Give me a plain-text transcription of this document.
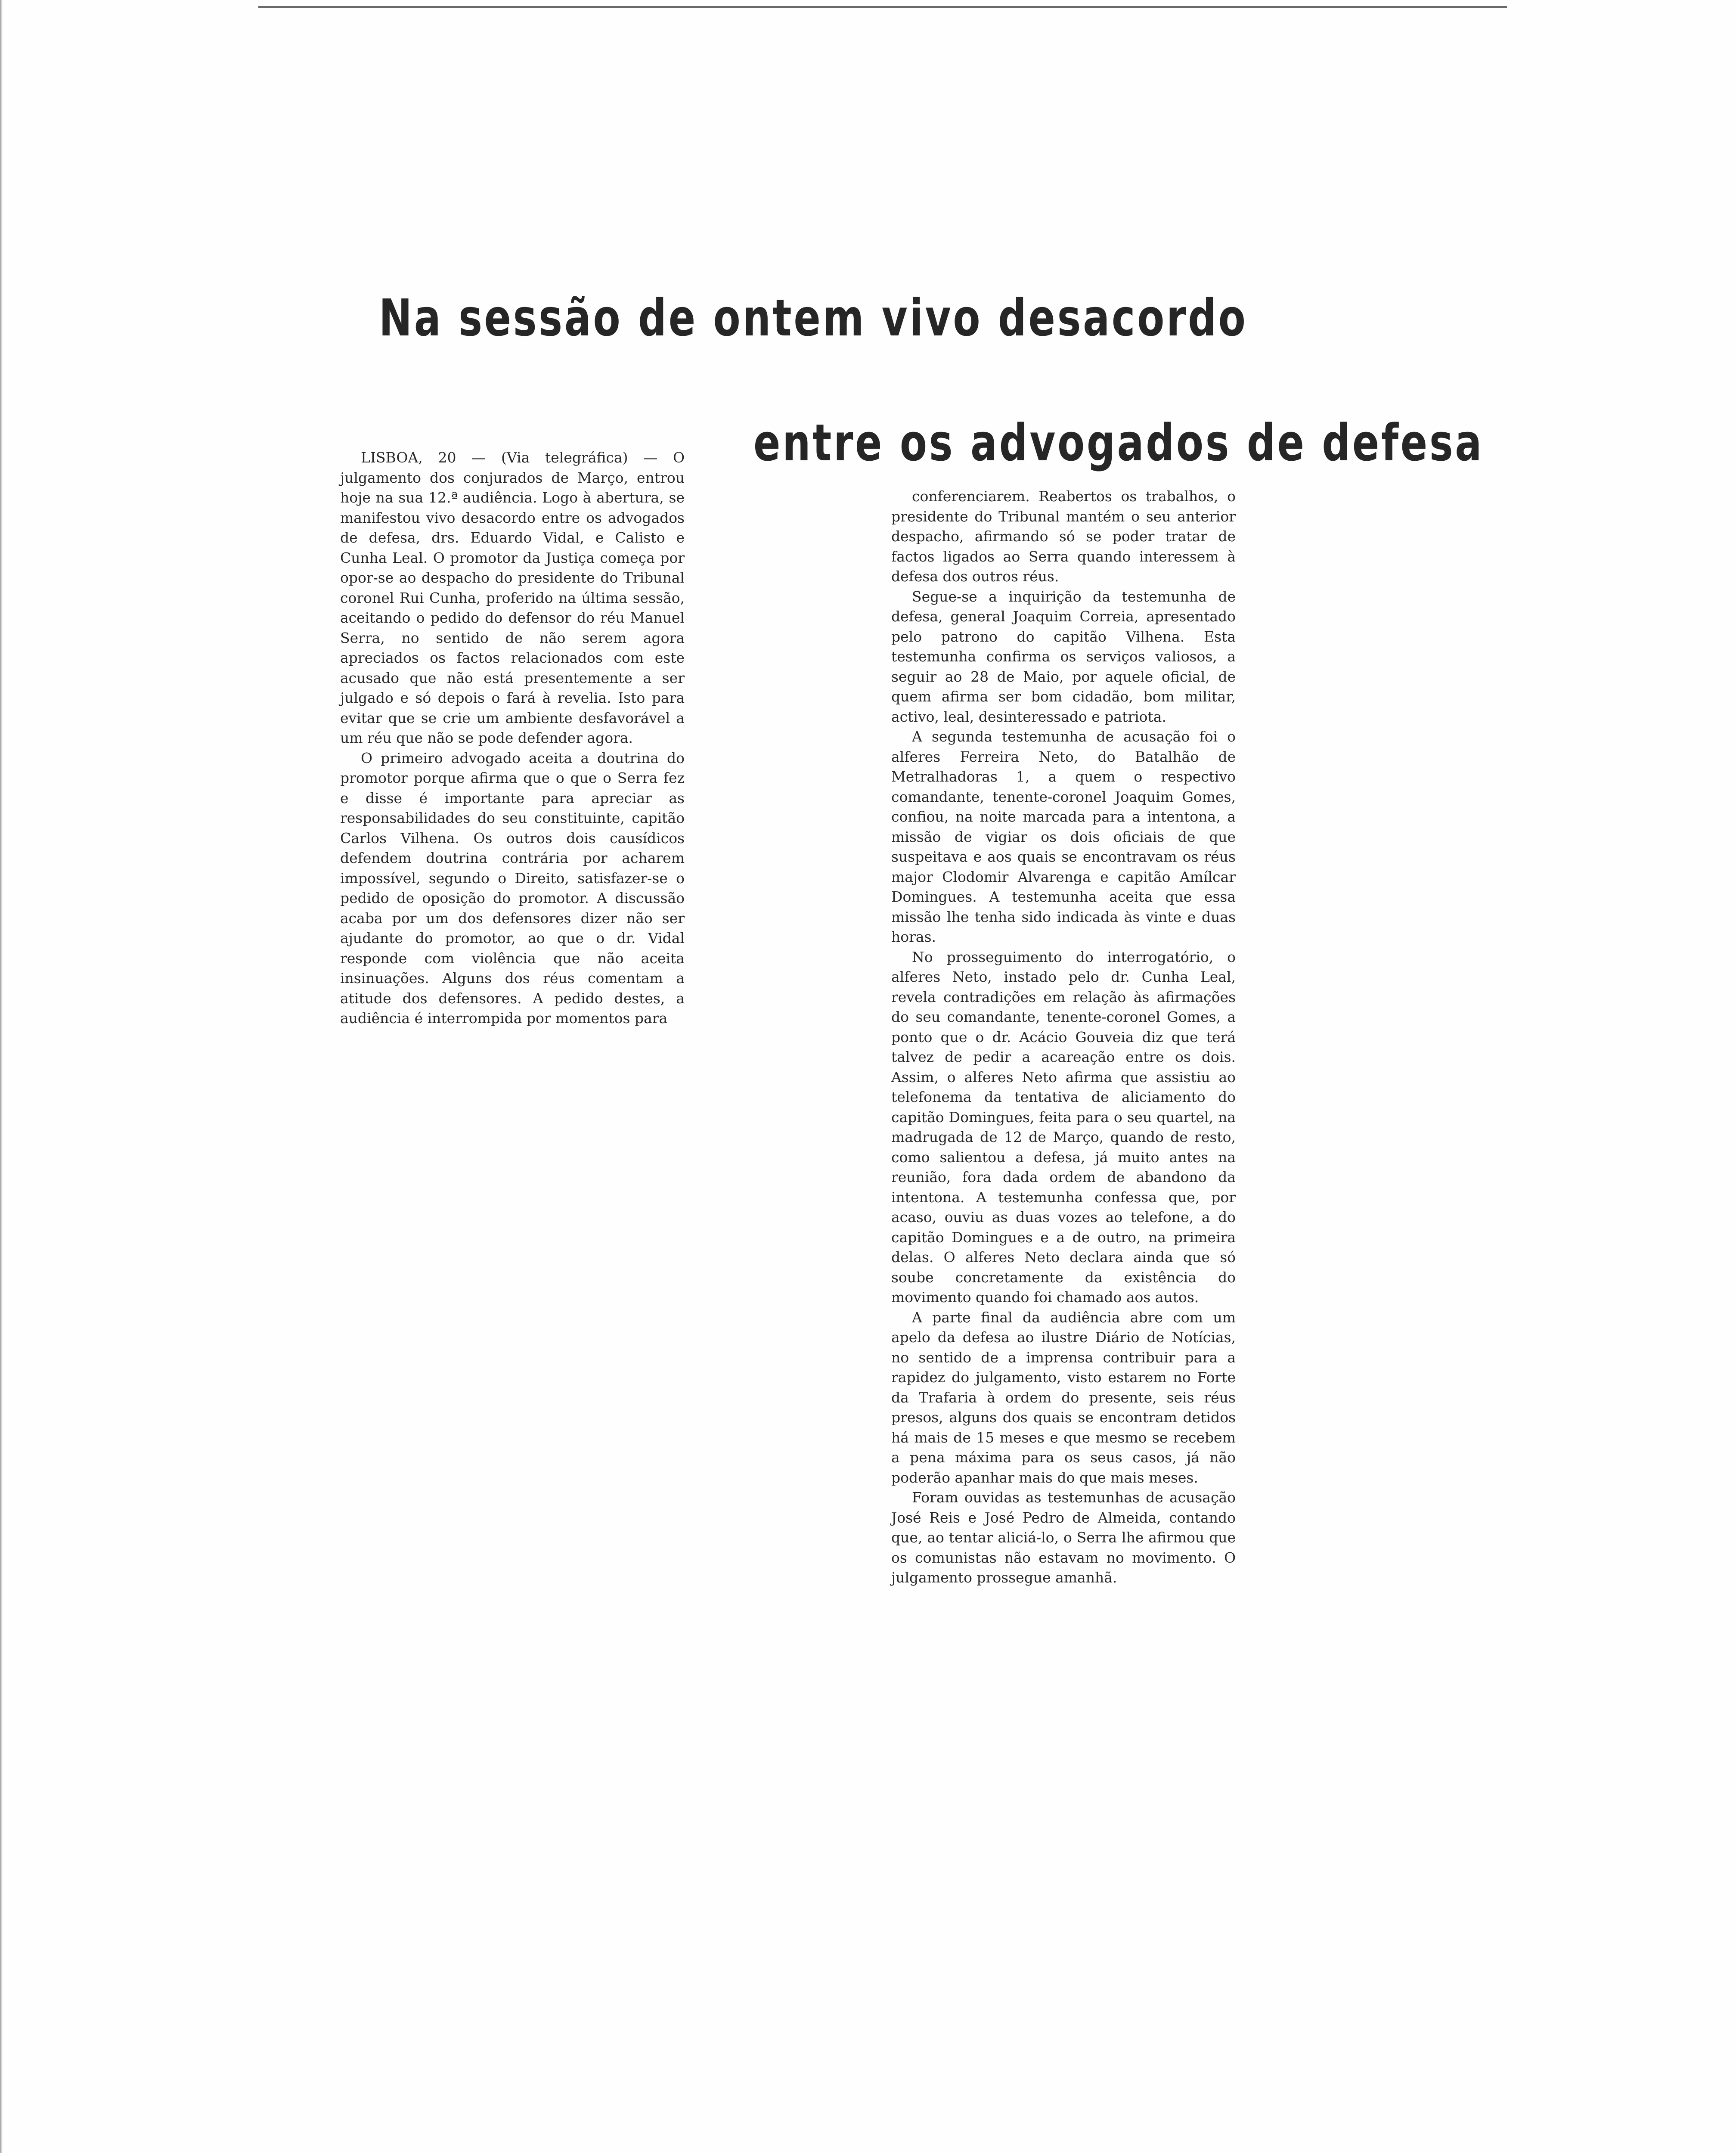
Na sessão de ontem vivo desacordo
entre os advogados de defesa

LISBOA, 20 — (Via telegráfica) — O julgamento dos conjurados de Março, entrou hoje na sua 12.ª audiência. Logo à abertura, se manifestou vivo desacordo entre os advogados de defesa, drs. Eduardo Vidal, e Calisto e Cunha Leal. O promotor da Justiça começa por opor-se ao despacho do presidente do Tribunal coronel Rui Cunha, proferido na última sessão, aceitando o pedido do defensor do réu Manuel Serra, no sentido de não serem agora apreciados os factos relacionados com este acusado que não está presentemente a ser julgado e só depois o fará à revelia. Isto para evitar que se crie um ambiente desfavorável a um réu que não se pode defender agora.

O primeiro advogado aceita a doutrina do promotor porque afirma que o que o Serra fez e disse é importante para apreciar as responsabilidades do seu constituinte, capitão Carlos Vilhena. Os outros dois causídicos defendem doutrina contrária por acharem impossível, segundo o Direito, satisfazer-se o pedido de oposição do promotor. A discussão acaba por um dos defensores dizer não ser ajudante do promotor, ao que o dr. Vidal responde com violência que não aceita insinuações. Alguns dos réus comentam a atitude dos defensores. A pedido destes, a audiência é interrompida por momentos para

conferenciarem. Reabertos os trabalhos, o presidente do Tribunal mantém o seu anterior despacho, afirmando só se poder tratar de factos ligados ao Serra quando interessem à defesa dos outros réus.

Segue-se a inquirição da testemunha de defesa, general Joaquim Correia, apresentado pelo patrono do capitão Vilhena. Esta testemunha confirma os serviços valiosos, a seguir ao 28 de Maio, por aquele oficial, de quem afirma ser bom cidadão, bom militar, activo, leal, desinteressado e patriota.

A segunda testemunha de acusação foi o alferes Ferreira Neto, do Batalhão de Metralhadoras 1, a quem o respectivo comandante, tenente-coronel Joaquim Gomes, confiou, na noite marcada para a intentona, a missão de vigiar os dois oficiais de que suspeitava e aos quais se encontravam os réus major Clodomir Alvarenga e capitão Amílcar Domingues. A testemunha aceita que essa missão lhe tenha sido indicada às vinte e duas horas.

No prosseguimento do interrogatório, o alferes Neto, instado pelo dr. Cunha Leal, revela contradições em relação às afirmações do seu comandante, tenente-coronel Gomes, a ponto que o dr. Acácio Gouveia diz que terá talvez de pedir a acareação entre os dois. Assim, o alferes Neto afirma que assistiu ao telefonema da tentativa de aliciamento do capitão Domingues, feita para o seu quartel, na madrugada de 12 de Março, quando de resto, como salientou a defesa, já muito antes na reunião, fora dada ordem de abandono da intentona. A testemunha confessa que, por acaso, ouviu as duas vozes ao telefone, a do capitão Domingues e a de outro, na primeira delas. O alferes Neto declara ainda que só soube concretamente da existência do movimento quando foi chamado aos autos.

A parte final da audiência abre com um apelo da defesa ao ilustre Diário de Notícias, no sentido de a imprensa contribuir para a rapidez do julgamento, visto estarem no Forte da Trafaria à ordem do presente, seis réus presos, alguns dos quais se encontram detidos há mais de 15 meses e que mesmo se recebem a pena máxima para os seus casos, já não poderão apanhar mais do que mais meses.

Foram ouvidas as testemunhas de acusação José Reis e José Pedro de Almeida, contando que, ao tentar aliciá-lo, o Serra lhe afirmou que os comunistas não estavam no movimento. O julgamento prossegue amanhã.
